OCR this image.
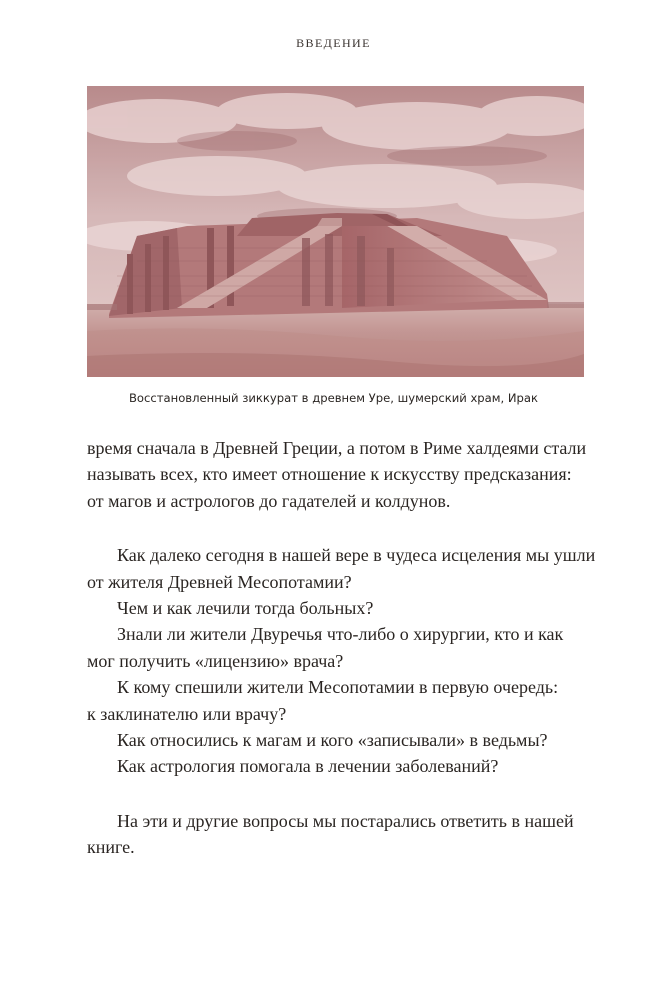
ВВЕДЕНИЕ
Восстановленный зиккурат в древнем Уре, шумерский храм, Ирак

время сначала в Древней Греции, а потом в Риме халдеями стали

называть всех, кто имеет отношение к искусству предсказания:

от магов и астрологов до гадателей и колдунов.

Как далеко сегодня в нашей вере в чудеса исцеления мы ушли

от жителя Древней Месопотамии?

Чем и как лечили тогда больных?

Знали ли жители Двуречья что-либо о хирургии, кто и как

мог получить «лицензию» врача?

К кому спешили жители Месопотамии в первую очередь:

к заклинателю или врачу?

Как относились к магам и кого «записывали» в ведьмы?

Как астрология помогала в лечении заболеваний?

На эти и другие вопросы мы постарались ответить в нашей

книге.
